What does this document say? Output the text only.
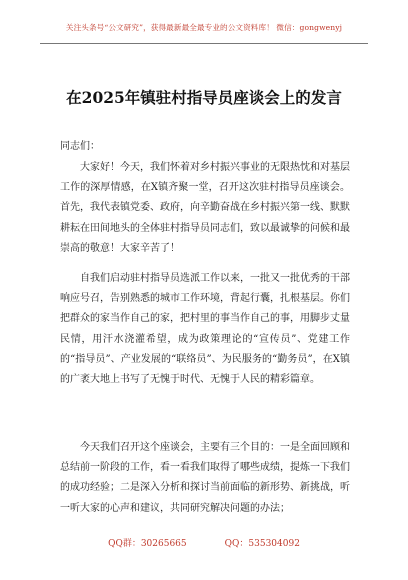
关注头条号“公文研究”，获得最新最全最专业的公文资料库！ 微信：gongwenyj
在2025年镇驻村指导员座谈会上的发言
同志们：

大家好！今天，我们怀着对乡村振兴事业的无限热忱和对基层工作的深厚情感，在X镇齐聚一堂，召开这次驻村指导员座谈会。首先，我代表镇党委、政府，向辛勤奋战在乡村振兴第一线、默默耕耘在田间地头的全体驻村指导员同志们，致以最诚挚的问候和最崇高的敬意！大家辛苦了！

自我们启动驻村指导员选派工作以来，一批又一批优秀的干部响应号召，告别熟悉的城市工作环境，背起行囊，扎根基层。你们把群众的家当作自己的家，把村里的事当作自己的事，用脚步丈量民情，用汗水浇灌希望，成为政策理论的“宣传员”、党建工作的“指导员”、产业发展的“联络员”、为民服务的“勤务员”，在X镇的广袤大地上书写了无愧于时代、无愧于人民的精彩篇章。

今天我们召开这个座谈会，主要有三个目的：一是全面回顾和总结前一阶段的工作，看一看我们取得了哪些成绩，提炼一下我们的成功经验；二是深入分析和探讨当前面临的新形势、新挑战，听一听大家的心声和建议，共同研究解决问题的办法；

QQ群：30265665	QQ：535304092
